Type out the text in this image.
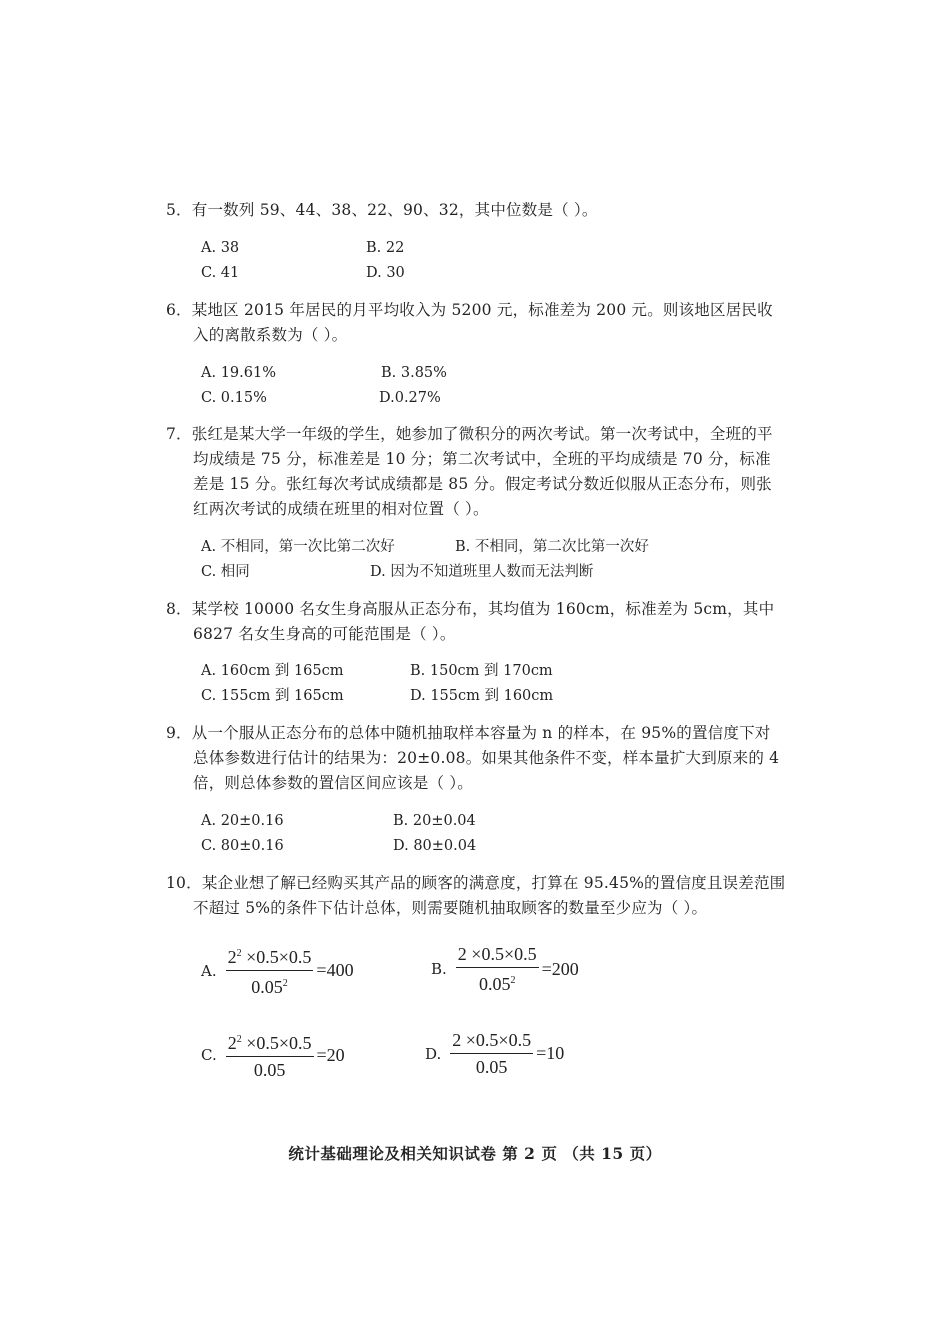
5．有一数列 59、44、38、22、90、32，其中位数是（ ）。
A. 38	B. 22
C. 41	D. 30
6．某地区 2015 年居民的月平均收入为 5200 元，标准差为 200 元。则该地区居民收入的离散系数为（ ）。
A. 19.61%	B. 3.85%
C. 0.15%	D.0.27%
7．张红是某大学一年级的学生，她参加了微积分的两次考试。第一次考试中，全班的平均成绩是 75 分，标准差是 10 分；第二次考试中，全班的平均成绩是 70 分，标准差是 15 分。张红每次考试成绩都是 85 分。假定考试分数近似服从正态分布，则张红两次考试的成绩在班里的相对位置（ ）。
A. 不相同，第一次比第二次好	B. 不相同，第二次比第一次好
C. 相同	D. 因为不知道班里人数而无法判断
8．某学校 10000 名女生身高服从正态分布，其均值为 160cm，标准差为 5cm，其中 6827 名女生身高的可能范围是（ ）。
A. 160cm 到 165cm	B. 150cm 到 170cm
C. 155cm 到 165cm	D. 155cm 到 160cm
9．从一个服从正态分布的总体中随机抽取样本容量为 n 的样本，在 95%的置信度下对总体参数进行估计的结果为：20±0.08。如果其他条件不变，样本量扩大到原来的 4 倍，则总体参数的置信区间应该是（ ）。
A. 20±0.16	B. 20±0.04
C. 80±0.16	D. 80±0.04
10．某企业想了解已经购买其产品的顾客的满意度，打算在 95.45%的置信度且误差范围不超过 5%的条件下估计总体，则需要随机抽取顾客的数量至少应为（ ）。
A. $\frac{2^2 \times 0.5\times 0.5}{0.05^2} =400$	B. $\frac{2 \times 0.5\times 0.5}{0.05^2} =200$
C. $\frac{2^2 \times 0.5\times 0.5}{0.05} =20$	D. $\frac{2 \times 0.5\times 0.5}{0.05} =10$
统计基础理论及相关知识试卷 第 2 页 （共 15 页）
